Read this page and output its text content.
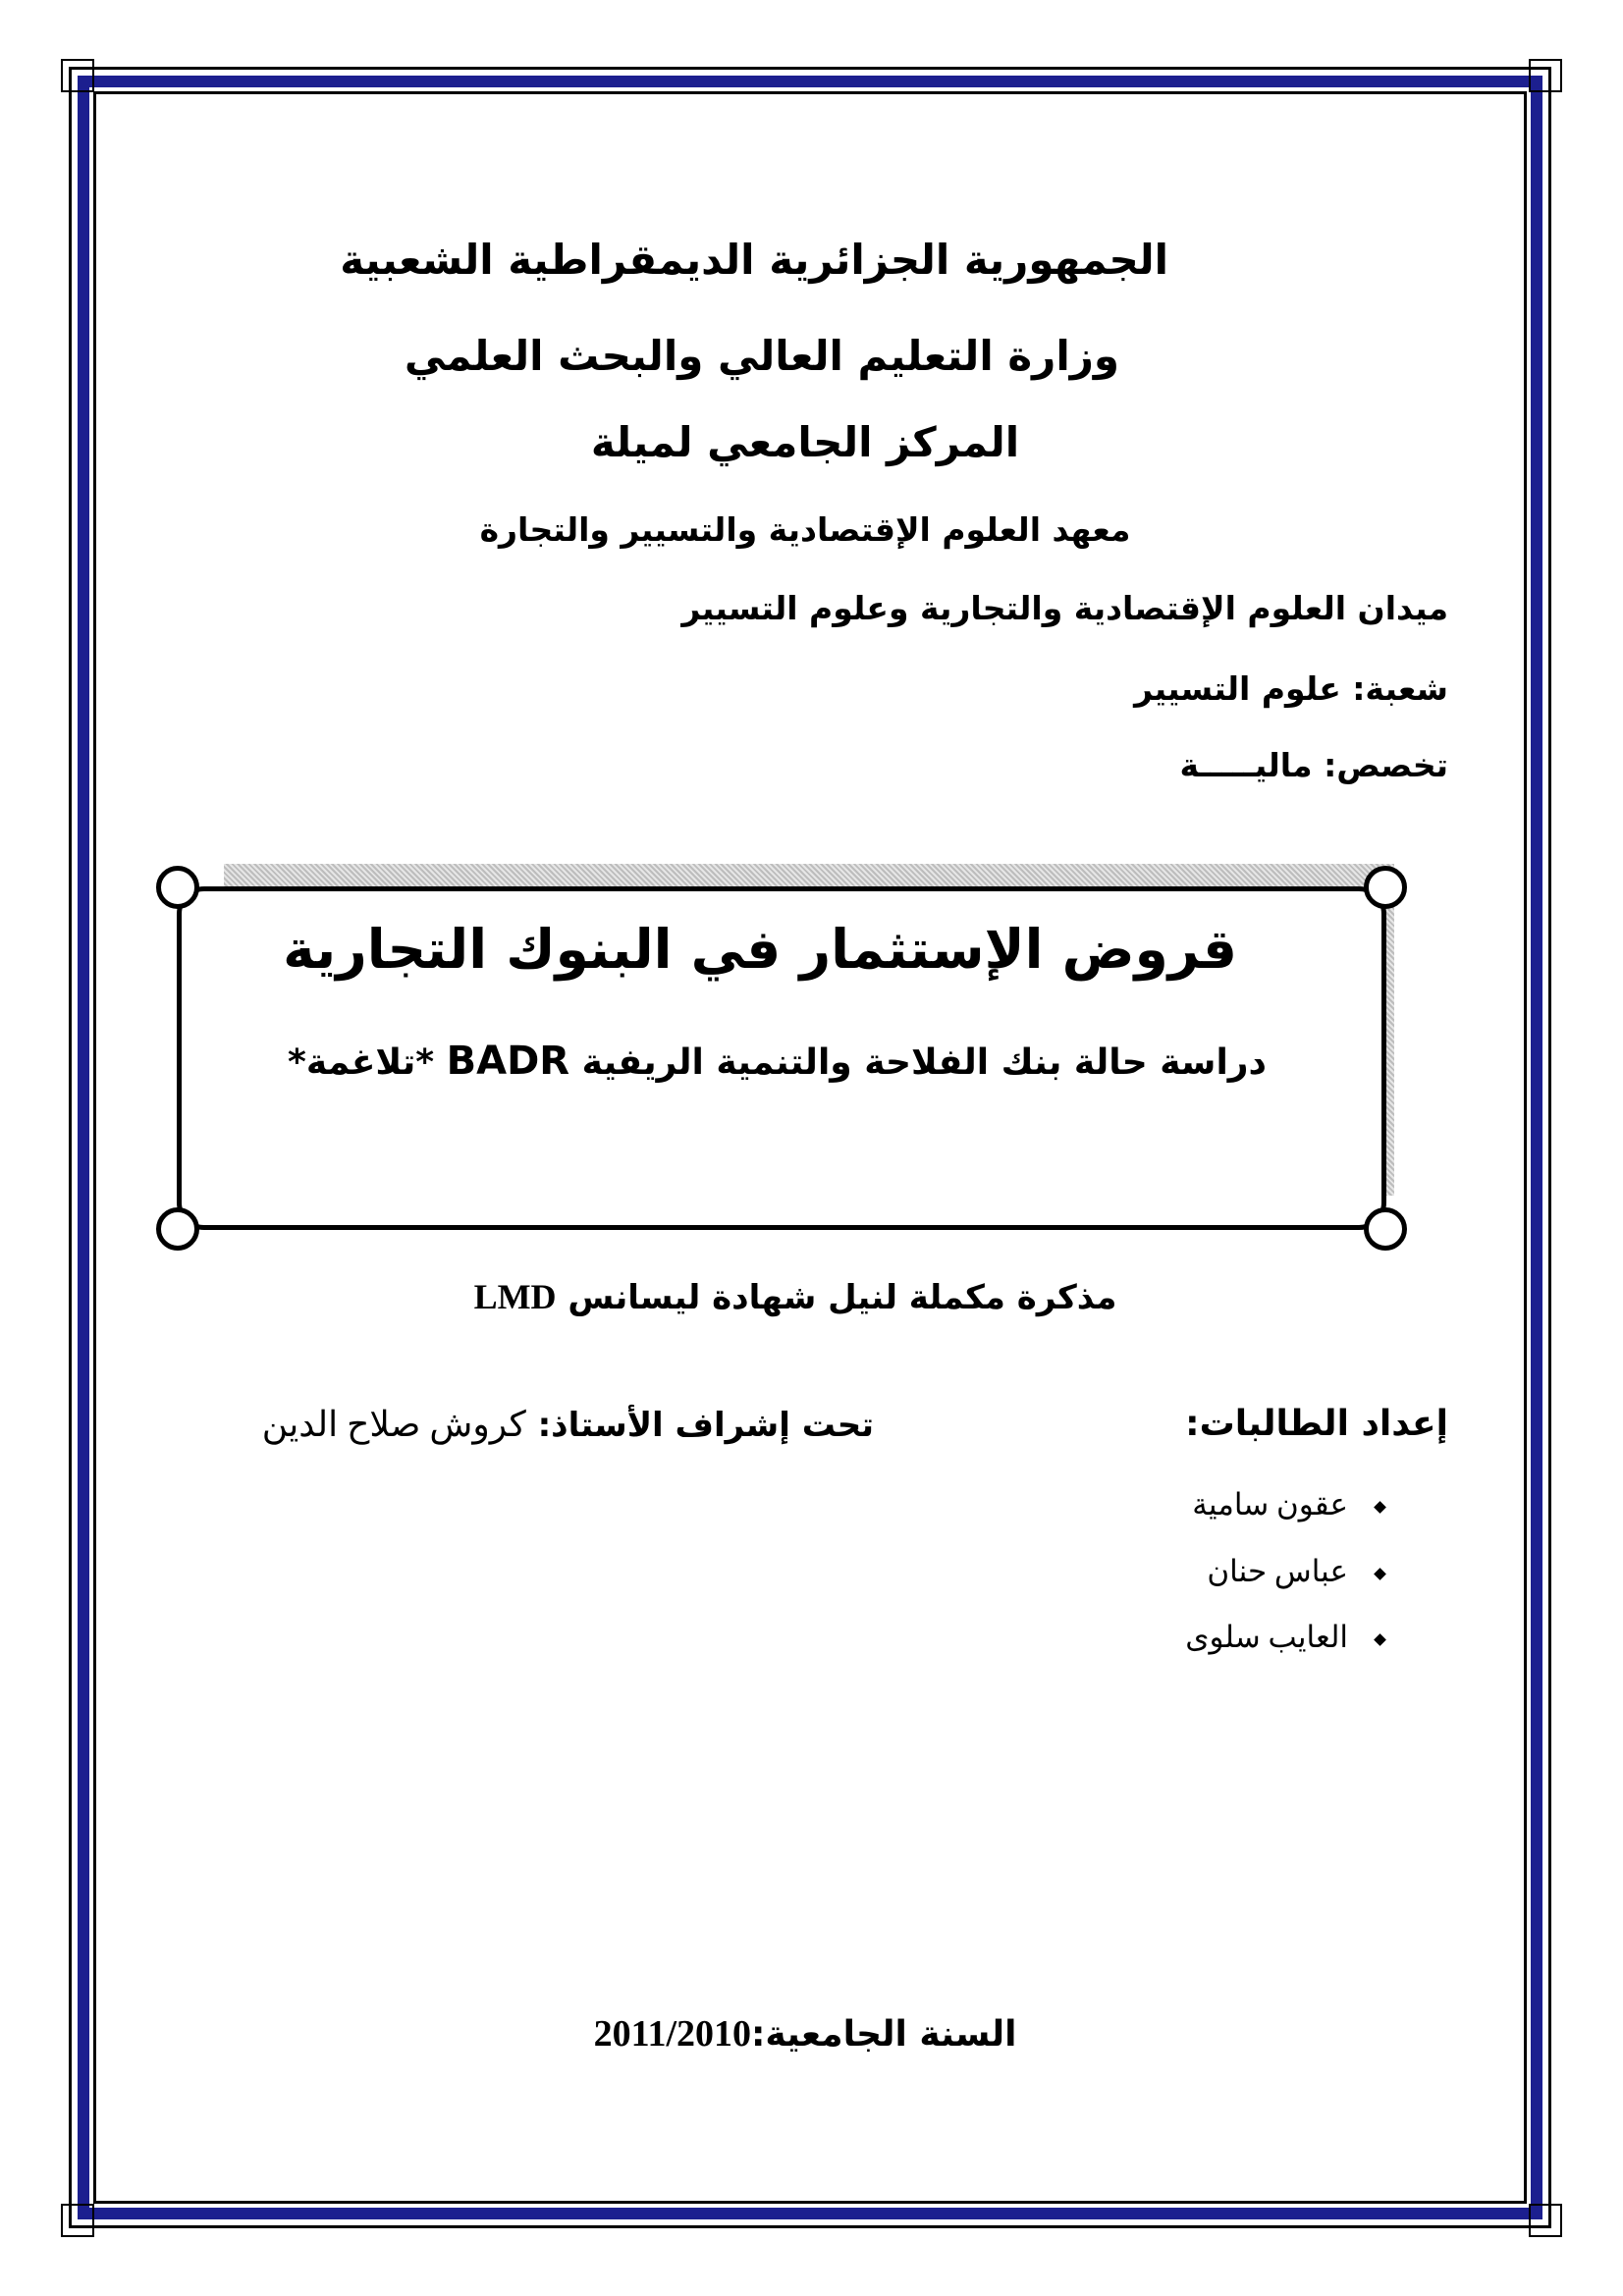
الجمهورية الجزائرية الديمقراطية الشعبية
وزارة التعليم العالي والبحث العلمي
المركز الجامعي لميلة
معهد العلوم الإقتصادية والتسيير والتجارة
ميدان العلوم الإقتصادية والتجارية وعلوم التسيير
شعبة: علوم التسيير
تخصص: ماليـــــة
قروض الإستثمار في البنوك التجارية
دراسة حالة بنك الفلاحة والتنمية الريفية BADR *تلاغمة*
مذكرة مكملة لنيل شهادة ليسانس LMD
إعداد الطالبات:
تحت إشراف الأستاذ: كروش صلاح الدين
عقون سامية
عباس حنان
العايب سلوى
السنة الجامعية:2011/2010
